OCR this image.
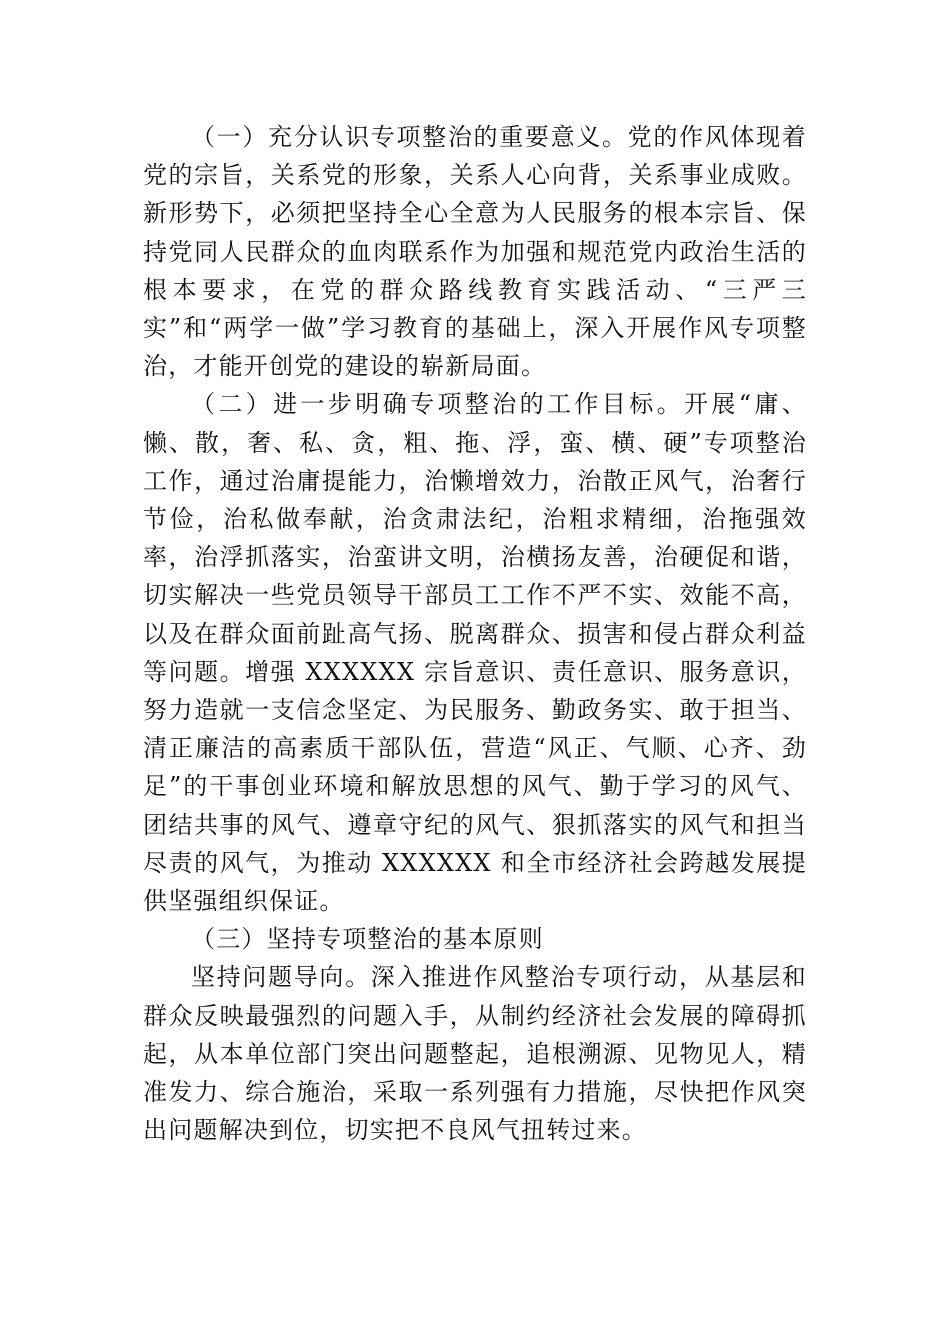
（一）充分认识专项整治的重要意义。党的作风体现着党的宗旨，关系党的形象，关系人心向背，关系事业成败。新形势下，必须把坚持全心全意为人民服务的根本宗旨、保持党同人民群众的血肉联系作为加强和规范党内政治生活的根本要求，在党的群众路线教育实践活动、“三严三实”和“两学一做”学习教育的基础上，深入开展作风专项整治，才能开创党的建设的崭新局面。

（二）进一步明确专项整治的工作目标。开展“庸、懒、散，奢、私、贪，粗、拖、浮，蛮、横、硬”专项整治工作，通过治庸提能力，治懒增效力，治散正风气，治奢行节俭，治私做奉献，治贪肃法纪，治粗求精细，治拖强效率，治浮抓落实，治蛮讲文明，治横扬友善，治硬促和谐，切实解决一些党员领导干部员工工作不严不实、效能不高，以及在群众面前趾高气扬、脱离群众、损害和侵占群众利益等问题。增强 XXXXXX 宗旨意识、责任意识、服务意识，努力造就一支信念坚定、为民服务、勤政务实、敢于担当、清正廉洁的高素质干部队伍，营造“风正、气顺、心齐、劲足”的干事创业环境和解放思想的风气、勤于学习的风气、团结共事的风气、遵章守纪的风气、狠抓落实的风气和担当尽责的风气，为推动 XXXXXX 和全市经济社会跨越发展提供坚强组织保证。

（三）坚持专项整治的基本原则

坚持问题导向。深入推进作风整治专项行动，从基层和群众反映最强烈的问题入手，从制约经济社会发展的障碍抓起，从本单位部门突出问题整起，追根溯源、见物见人，精准发力、综合施治，采取一系列强有力措施，尽快把作风突出问题解决到位，切实把不良风气扭转过来。
